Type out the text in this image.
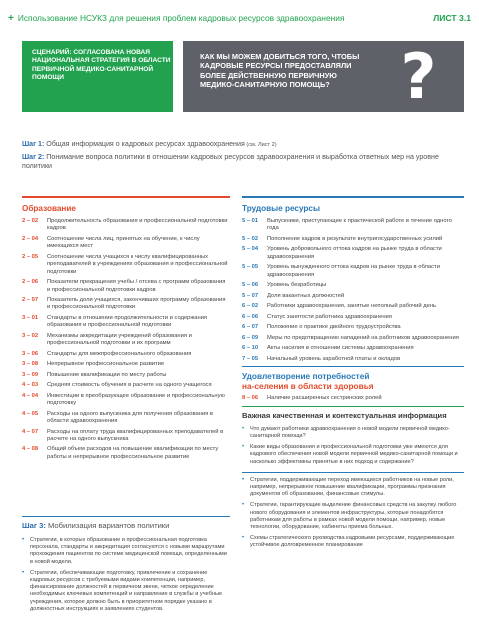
+ Использование НСУКЗ для решения проблем кадровых ресурсов здравоохранения	ЛИСТ 3.1
СЦЕНАРИЙ: СОГЛАСОВАНА НОВАЯ НАЦИОНАЛЬНАЯ СТРАТЕГИЯ В ОБЛАСТИ ПЕРВИЧНОЙ МЕДИКО-САНИТАРНОЙ ПОМОЩИ
КАК МЫ МОЖЕМ ДОБИТЬСЯ ТОГО, ЧТОБЫ КАДРОВЫЕ РЕСУРСЫ ПРЕДОСТАВЛЯЛИ БОЛЕЕ ДЕЙСТВЕННУЮ ПЕРВИЧНУЮ МЕДИКО-САНИТАРНУЮ ПОМОЩЬ?	?
Шаг 1: Общая информация о кадровых ресурсах здравоохранения (см. Лист 2)
Шаг 2: Понимание вопроса политики в отношении кадровых ресурсов здравоохранения и выработка ответных мер на уровне политики
Образование
2 – 02	Продолжительность образования и профессиональной подготовки кадров
2 – 04	Соотношение числа лиц, принятых на обучение, к числу имеющихся мест
2 – 05	Соотношение числа учащихся к числу квалифицированных преподавателей в учреждениях образования и профессиональной подготовки
2 – 06	Показатели прекращения учебы / отсева с программ образования и профессиональной подготовки кадров
2 – 07	Показатель доли учащихся, закончивших программу образования и профессиональной подготовки
3 – 01	Стандарты в отношении продолжительности и содержания образования и профессиональной подготовки
3 – 02	Механизмы аккредитации учреждений образования и профессиональной подготовки и их программ
3 – 06	Стандарты для межпрофессионального образования
3 – 08	Непрерывное профессиональное развитие
3 – 09	Повышение квалификации по месту работы
4 – 03	Средняя стоимость обучения в расчете на одного учащегося
4 – 04	Инвестиции в преобразующее образование и профессиональную подготовку
4 – 05	Расходы на одного выпускника для получения образования в области здравоохранения
4 – 07	Расходы на оплату труда квалифицированных преподавателей в расчете на одного выпускника
4 – 08	Общий объем расходов на повышение квалификации по месту работы и непрерывное профессиональное развитие
Трудовые ресурсы
5 – 01	Выпускники, приступающие к практической работе в течение одного года
5 – 02	Пополнение кадров в результате внутригосударственных усилий
5 – 04	Уровень добровольного оттока кадров на рынке труда в области здравоохранения
5 – 05	Уровень вынужденного оттока кадров на рынке труда в области здравоохранения
5 – 06	Уровень безработицы
5 – 07	Доля вакантных должностей
6 – 02	Работники здравоохранения, занятые неполный рабочий день
6 – 06	Статус занятости работника здравоохранения
6 – 07	Положение о практике двойного трудоустройства
6 – 09	Меры по предотвращению нападений на работников здравоохранения
6 – 10	Акты насилия в отношении системы здравоохранения
7 – 05	Начальный уровень заработной платы и окладов
Удовлетворение потребностей
на-селения в области здоровья
8 – 06	Наличие расширенных сестринских ролей
Важная качественная и контекстуальная информация
•	Что думают работники здравоохранения о новой модели первичной медико-санитарной помощи?
•	Какие виды образования и профессиональной подготовки уже имеются для кадрового обеспечения новой модели первичной медико-санитарной помощи и насколько эффективны принятые в них подход и содержание?
•	Стратегии, поддерживающие переход имеющихся работников на новые роли, например, непрерывное повышение квалификации, программы признания документов об образовании, финансовые стимулы.
•	Стратегии, гарантирующие выделение финансовых средств на закупку любого нового оборудования и элементов инфраструктуры, которые понадобятся работникам для работы в рамках новой модели помощи, например, новые технологии, оборудование, кабинеты приема больных.
•	Схемы стратегического руководства кадровыми ресурсами, поддерживающие устойчивое долговременное планирование
Шаг 3: Мобилизация вариантов политики
•	Стратегии, в которых образование и профессиональная подготовка персонала, стандарты и аккредитация согласуются с новыми маршрутами прохождения пациентов по системе медицинской помощи, определенными в новой модели.
•	Стратегии, обеспечивающие подготовку, привлечение и сохранение кадровых ресурсов с требуемыми видами компетенции, например, финансирование должностей в первичном звене, четкое определение необходимых ключевых компетенций и направление в службы и учебные учреждения, которое должно быть в приоритетном порядке указано в должностных инструкциях и заявлениях студентов.
